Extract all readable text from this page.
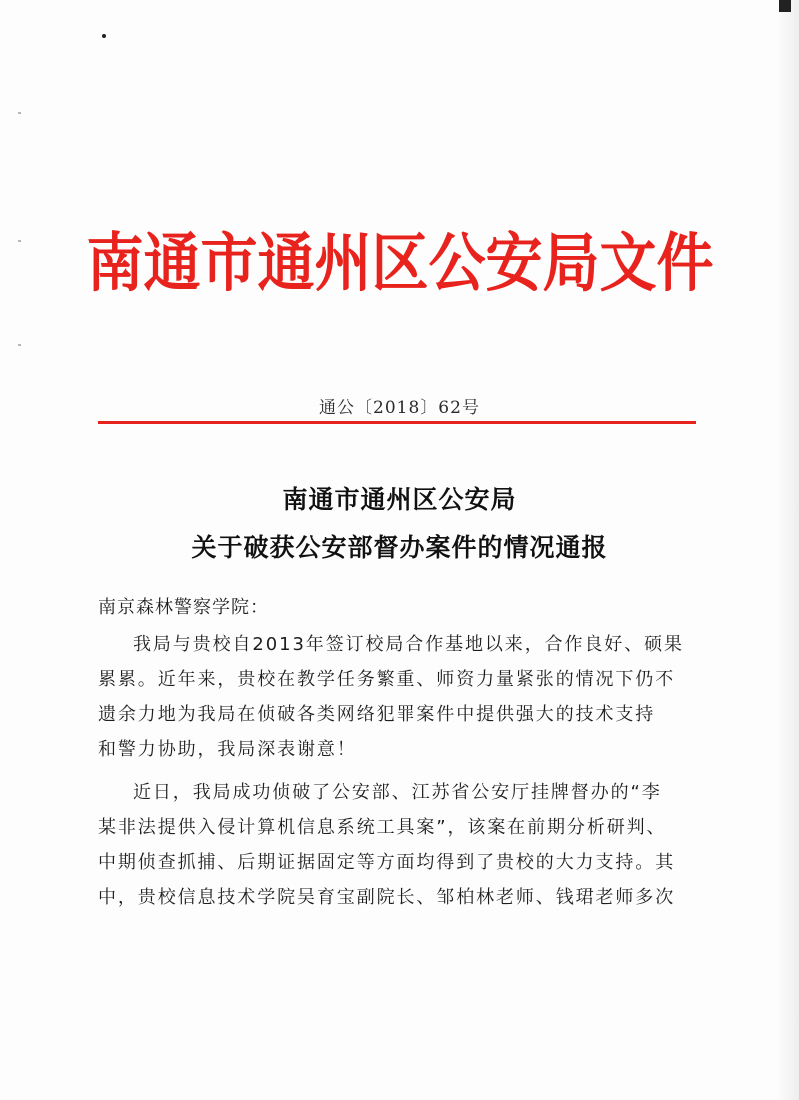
南通市通州区公安局文件
通公〔2018〕62号
南通市通州区公安局
关于破获公安部督办案件的情况通报
南京森林警察学院：
我局与贵校自2013年签订校局合作基地以来，合作良好、硕果
累累。近年来，贵校在教学任务繁重、师资力量紧张的情况下仍不
遗余力地为我局在侦破各类网络犯罪案件中提供强大的技术支持
和警力协助，我局深表谢意！
近日，我局成功侦破了公安部、江苏省公安厅挂牌督办的“李
某非法提供入侵计算机信息系统工具案”，该案在前期分析研判、
中期侦查抓捕、后期证据固定等方面均得到了贵校的大力支持。其
中，贵校信息技术学院吴育宝副院长、邹柏林老师、钱珺老师多次
